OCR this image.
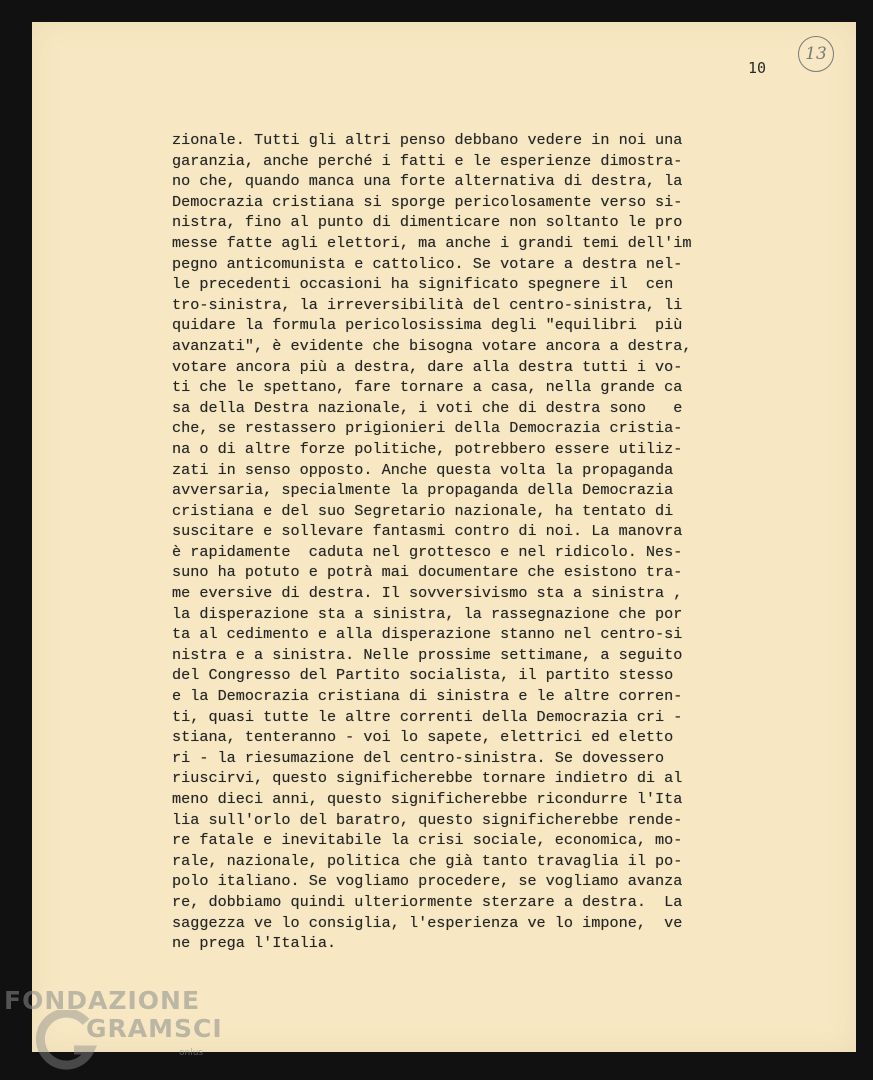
10
13
zionale. Tutti gli altri penso debbano vedere in noi una
garanzia, anche perché i fatti e le esperienze dimostra-
no che, quando manca una forte alternativa di destra, la
Democrazia cristiana si sporge pericolosamente verso si-
nistra, fino al punto di dimenticare non soltanto le pro
messe fatte agli elettori, ma anche i grandi temi dell'im
pegno anticomunista e cattolico. Se votare a destra nel-
le precedenti occasioni ha significato spegnere il  cen
tro-sinistra, la irreversibilità del centro-sinistra, li
quidare la formula pericolosissima degli "equilibri  più
avanzati", è evidente che bisogna votare ancora a destra,
votare ancora più a destra, dare alla destra tutti i vo-
ti che le spettano, fare tornare a casa, nella grande ca
sa della Destra nazionale, i voti che di destra sono   e
che, se restassero prigionieri della Democrazia cristia-
na o di altre forze politiche, potrebbero essere utiliz-
zati in senso opposto. Anche questa volta la propaganda
avversaria, specialmente la propaganda della Democrazia
cristiana e del suo Segretario nazionale, ha tentato di
suscitare e sollevare fantasmi contro di noi. La manovra
è rapidamente  caduta nel grottesco e nel ridicolo. Nes-
suno ha potuto e potrà mai documentare che esistono tra-
me eversive di destra. Il sovversivismo sta a sinistra ,
la disperazione sta a sinistra, la rassegnazione che por
ta al cedimento e alla disperazione stanno nel centro-si
nistra e a sinistra. Nelle prossime settimane, a seguito
del Congresso del Partito socialista, il partito stesso
e la Democrazia cristiana di sinistra e le altre corren-
ti, quasi tutte le altre correnti della Democrazia cri -
stiana, tenteranno - voi lo sapete, elettrici ed eletto
ri - la riesumazione del centro-sinistra. Se dovessero
riuscirvi, questo significherebbe tornare indietro di al
meno dieci anni, questo significherebbe ricondurre l'Ita
lia sull'orlo del baratro, questo significherebbe rende-
re fatale e inevitabile la crisi sociale, economica, mo-
rale, nazionale, politica che già tanto travaglia il po-
polo italiano. Se vogliamo procedere, se vogliamo avanza
re, dobbiamo quindi ulteriormente sterzare a destra.  La
saggezza ve lo consiglia, l'esperienza ve lo impone,  ve
ne prega l'Italia.
FONDAZIONE
GRAMSCI
onlus
